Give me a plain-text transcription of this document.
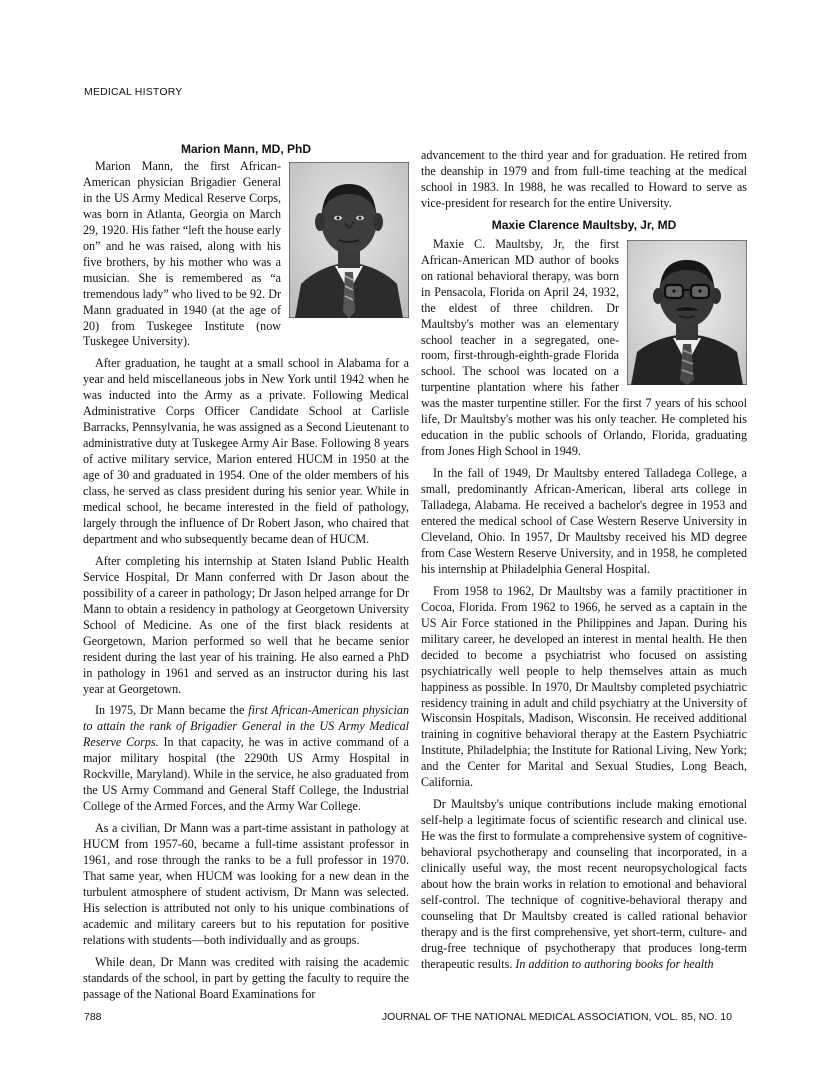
MEDICAL HISTORY
Marion Mann, MD, PhD

Marion Mann, the first African-American physician Brigadier General in the US Army Medical Reserve Corps, was born in Atlanta, Georgia on March 29, 1920. His father “left the house early on” and he was raised, along with his five brothers, by his mother who was a musician. She is remembered as “a tremendous lady” who lived to be 92. Dr Mann graduated in 1940 (at the age of 20) from Tuskegee Institute (now Tuskegee University).

After graduation, he taught at a small school in Alabama for a year and held miscellaneous jobs in New York until 1942 when he was inducted into the Army as a private. Following Medical Administrative Corps Officer Candidate School at Carlisle Barracks, Pennsylvania, he was assigned as a Second Lieutenant to administrative duty at Tuskegee Army Air Base. Following 8 years of active military service, Marion entered HUCM in 1950 at the age of 30 and graduated in 1954. One of the older members of his class, he served as class president during his senior year. While in medical school, he became interested in the field of pathology, largely through the influence of Dr Robert Jason, who chaired that department and who subsequently became dean of HUCM.

After completing his internship at Staten Island Public Health Service Hospital, Dr Mann conferred with Dr Jason about the possibility of a career in pathology; Dr Jason helped arrange for Dr Mann to obtain a residency in pathology at Georgetown University School of Medicine. As one of the first black residents at Georgetown, Marion performed so well that he became senior resident during the last year of his training. He also earned a PhD in pathology in 1961 and served as an instructor during his last year at Georgetown.

In 1975, Dr Mann became the first African-American physician to attain the rank of Brigadier General in the US Army Medical Reserve Corps. In that capacity, he was in active command of a major military hospital (the 2290th US Army Hospital in Rockville, Maryland). While in the service, he also graduated from the US Army Command and General Staff College, the Industrial College of the Armed Forces, and the Army War College.

As a civilian, Dr Mann was a part-time assistant in pathology at HUCM from 1957-60, became a full-time assistant professor in 1961, and rose through the ranks to be a full professor in 1970. That same year, when HUCM was looking for a new dean in the turbulent atmosphere of student activism, Dr Mann was selected. His selection is attributed not only to his unique combinations of academic and military careers but to his reputation for positive relations with students—both individually and as groups.

While dean, Dr Mann was credited with raising the academic standards of the school, in part by getting the faculty to require the passage of the National Board Examinations for

advancement to the third year and for graduation. He retired from the deanship in 1979 and from full-time teaching at the medical school in 1983. In 1988, he was recalled to Howard to serve as vice-president for research for the entire University.

Maxie Clarence Maultsby, Jr, MD

Maxie C. Maultsby, Jr, the first African-American MD author of books on rational behavioral therapy, was born in Pensacola, Florida on April 24, 1932, the eldest of three children. Dr Maultsby's mother was an elementary school teacher in a segregated, one-room, first-through-eighth-grade Florida school. The school was located on a turpentine plantation where his father was the master turpentine stiller. For the first 7 years of his school life, Dr Maultsby's mother was his only teacher. He completed his education in the public schools of Orlando, Florida, graduating from Jones High School in 1949.

In the fall of 1949, Dr Maultsby entered Talladega College, a small, predominantly African-American, liberal arts college in Talladega, Alabama. He received a bachelor's degree in 1953 and entered the medical school of Case Western Reserve University in Cleveland, Ohio. In 1957, Dr Maultsby received his MD degree from Case Western Reserve University, and in 1958, he completed his internship at Philadelphia General Hospital.

From 1958 to 1962, Dr Maultsby was a family practitioner in Cocoa, Florida. From 1962 to 1966, he served as a captain in the US Air Force stationed in the Philippines and Japan. During his military career, he developed an interest in mental health. He then decided to become a psychiatrist who focused on assisting psychiatrically well people to help themselves attain as much happiness as possible. In 1970, Dr Maultsby completed psychiatric residency training in adult and child psychiatry at the University of Wisconsin Hospitals, Madison, Wisconsin. He received additional training in cognitive behavioral therapy at the Eastern Psychiatric Institute, Philadelphia; the Institute for Rational Living, New York; and the Center for Marital and Sexual Studies, Long Beach, California.

Dr Maultsby's unique contributions include making emotional self-help a legitimate focus of scientific research and clinical use. He was the first to formulate a comprehensive system of cognitive-behavioral psychotherapy and counseling that incorporated, in a clinically useful way, the most recent neuropsychological facts about how the brain works in relation to emotional and behavioral self-control. The technique of cognitive-behavioral therapy and counseling that Dr Maultsby created is called rational behavior therapy and is the first comprehensive, yet short-term, culture- and drug-free technique of psychotherapy that produces long-term therapeutic results. In addition to authoring books for health

788	JOURNAL OF THE NATIONAL MEDICAL ASSOCIATION, VOL. 85, NO. 10
